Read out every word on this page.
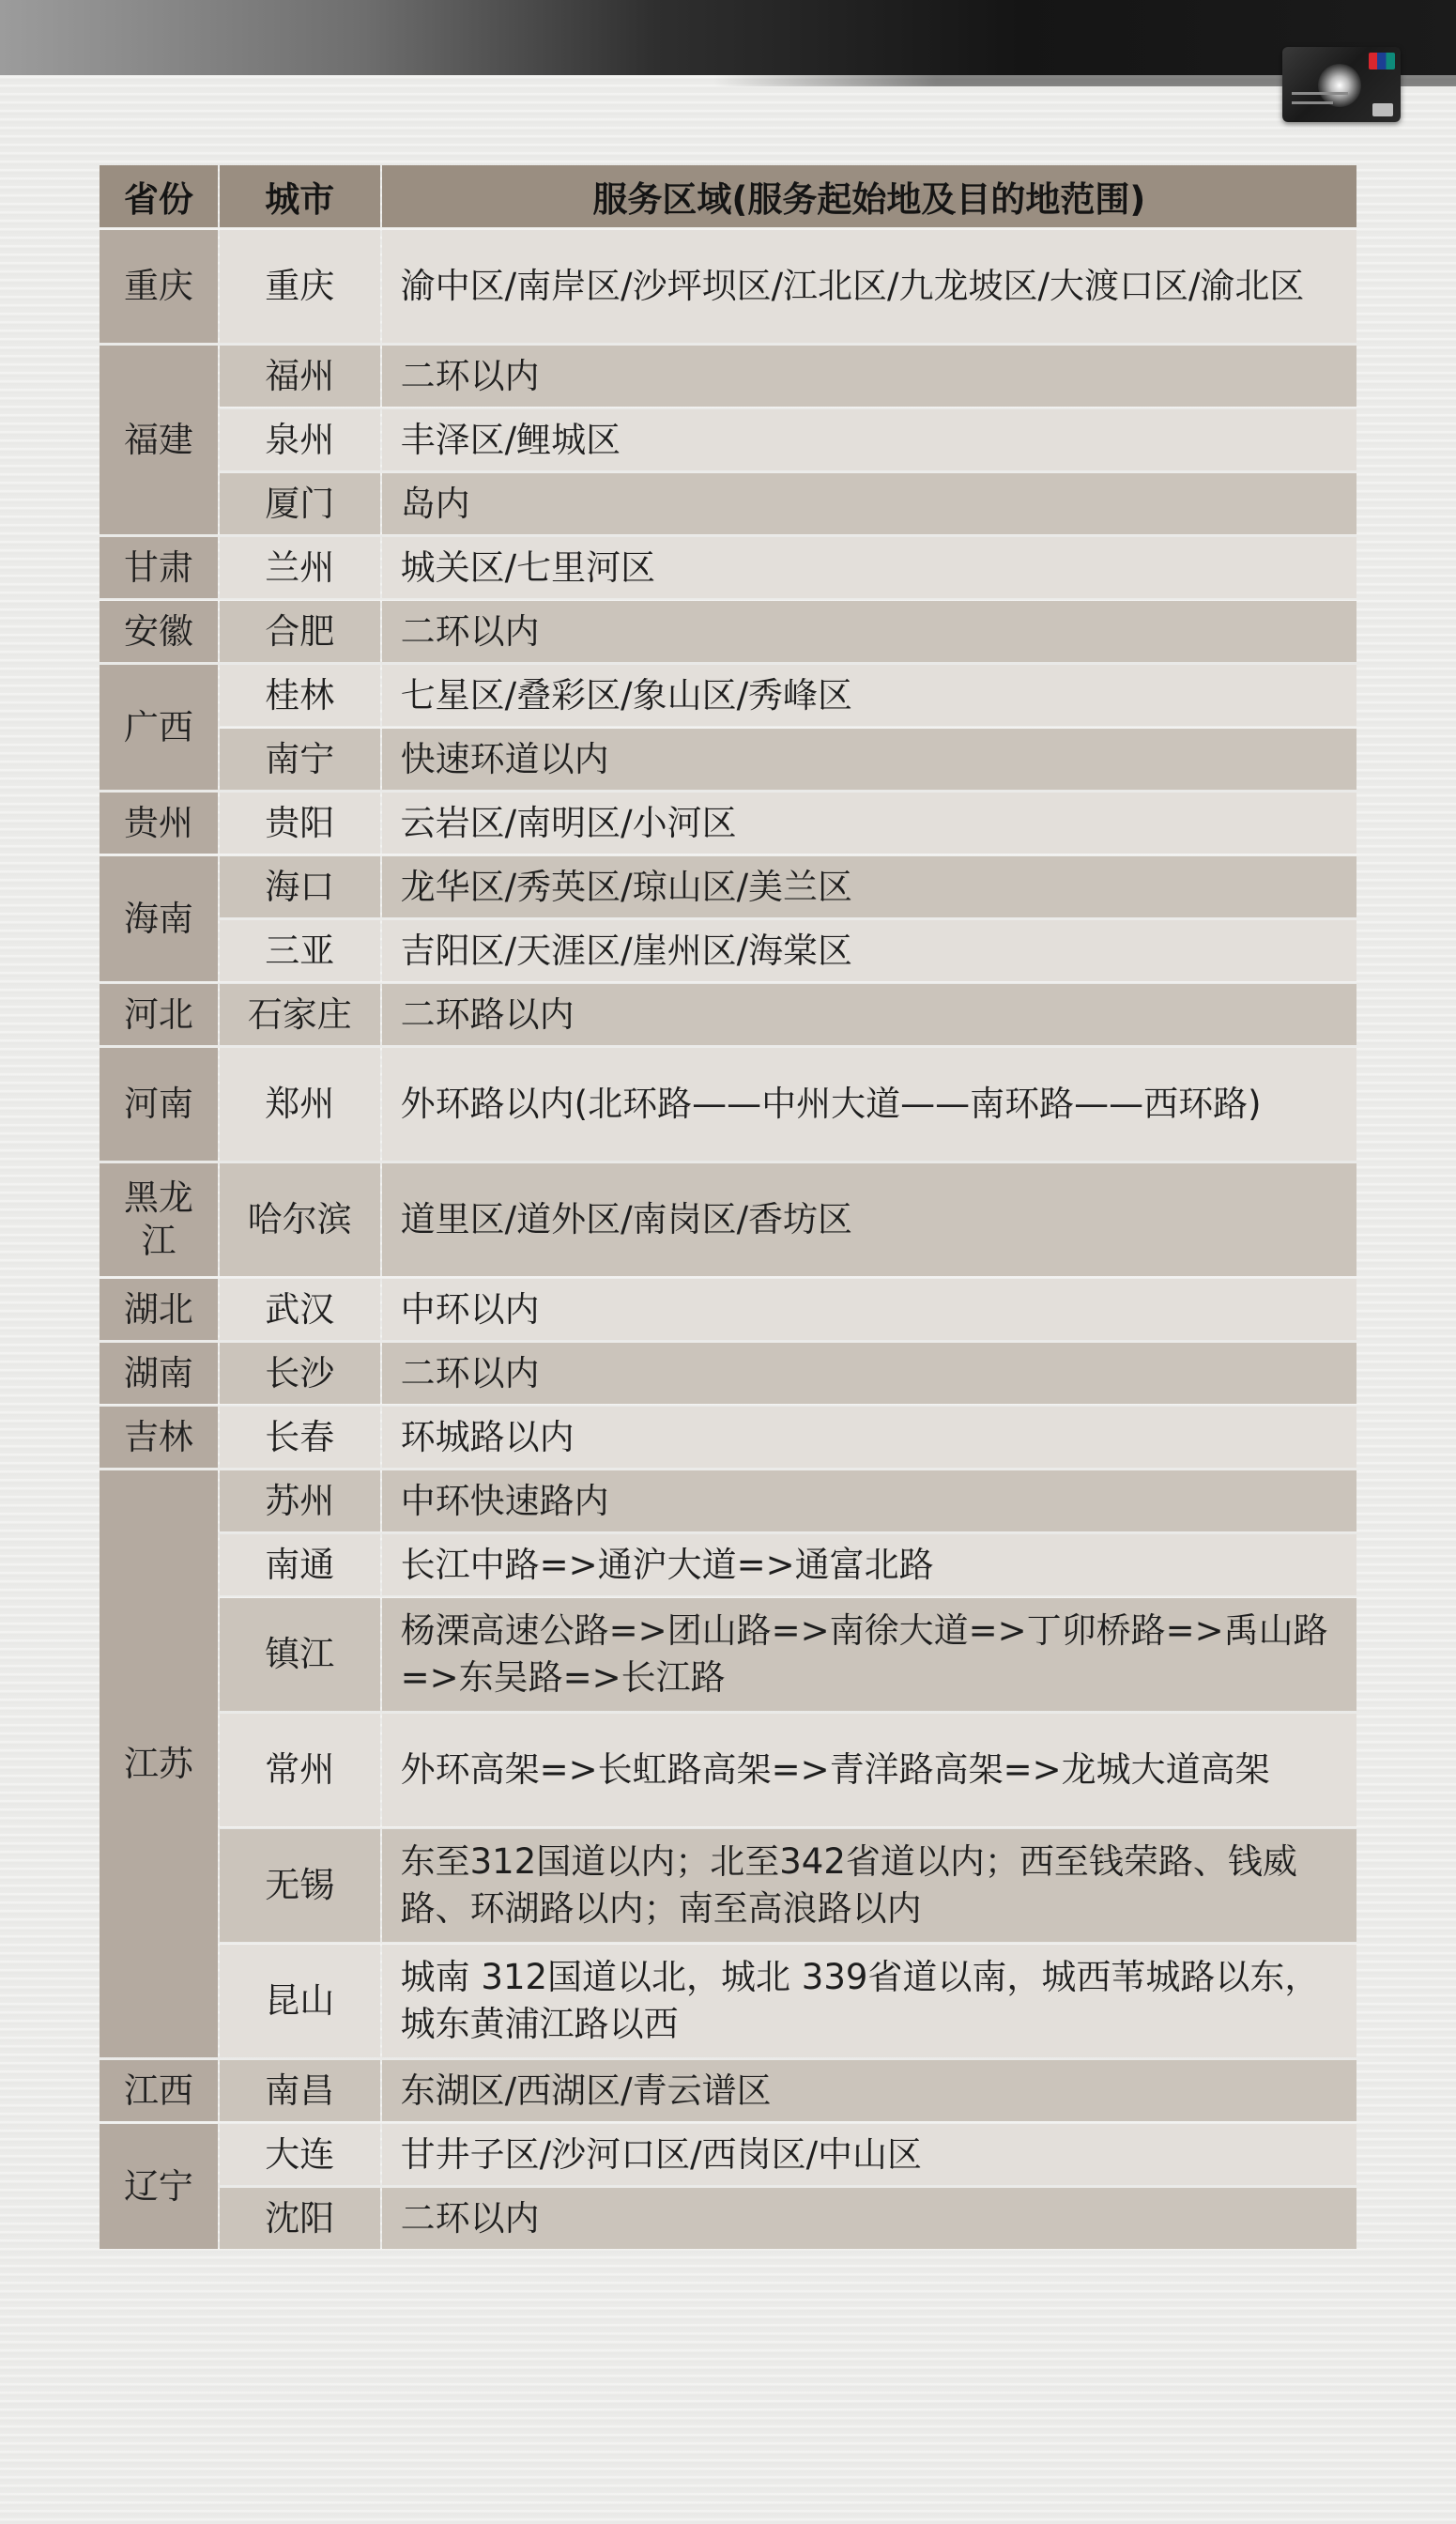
省份	城市	服务区域(服务起始地及目的地范围)
重庆	重庆	渝中区/南岸区/沙坪坝区/江北区/九龙坡区/大渡口区/渝北区
福建	福州	二环以内
	泉州	丰泽区/鲤城区
	厦门	岛内
甘肃	兰州	城关区/七里河区
安徽	合肥	二环以内
广西	桂林	七星区/叠彩区/象山区/秀峰区
	南宁	快速环道以内
贵州	贵阳	云岩区/南明区/小河区
海南	海口	龙华区/秀英区/琼山区/美兰区
	三亚	吉阳区/天涯区/崖州区/海棠区
河北	石家庄	二环路以内
河南	郑州	外环路以内(北环路——中州大道——南环路——西环路)
黑龙江	哈尔滨	道里区/道外区/南岗区/香坊区
湖北	武汉	中环以内
湖南	长沙	二环以内
吉林	长春	环城路以内
江苏	苏州	中环快速路内
	南通	长江中路=>通沪大道=>通富北路
	镇江	杨溧高速公路=>团山路=>南徐大道=>丁卯桥路=>禹山路=>东吴路=>长江路
	常州	外环高架=>长虹路高架=>青洋路高架=>龙城大道高架
	无锡	东至312国道以内；北至342省道以内；西至钱荣路、钱威路、环湖路以内；南至高浪路以内
	昆山	城南 312国道以北，城北 339省道以南，城西苇城路以东，城东黄浦江路以西
江西	南昌	东湖区/西湖区/青云谱区
辽宁	大连	甘井子区/沙河口区/西岗区/中山区
	沈阳	二环以内
